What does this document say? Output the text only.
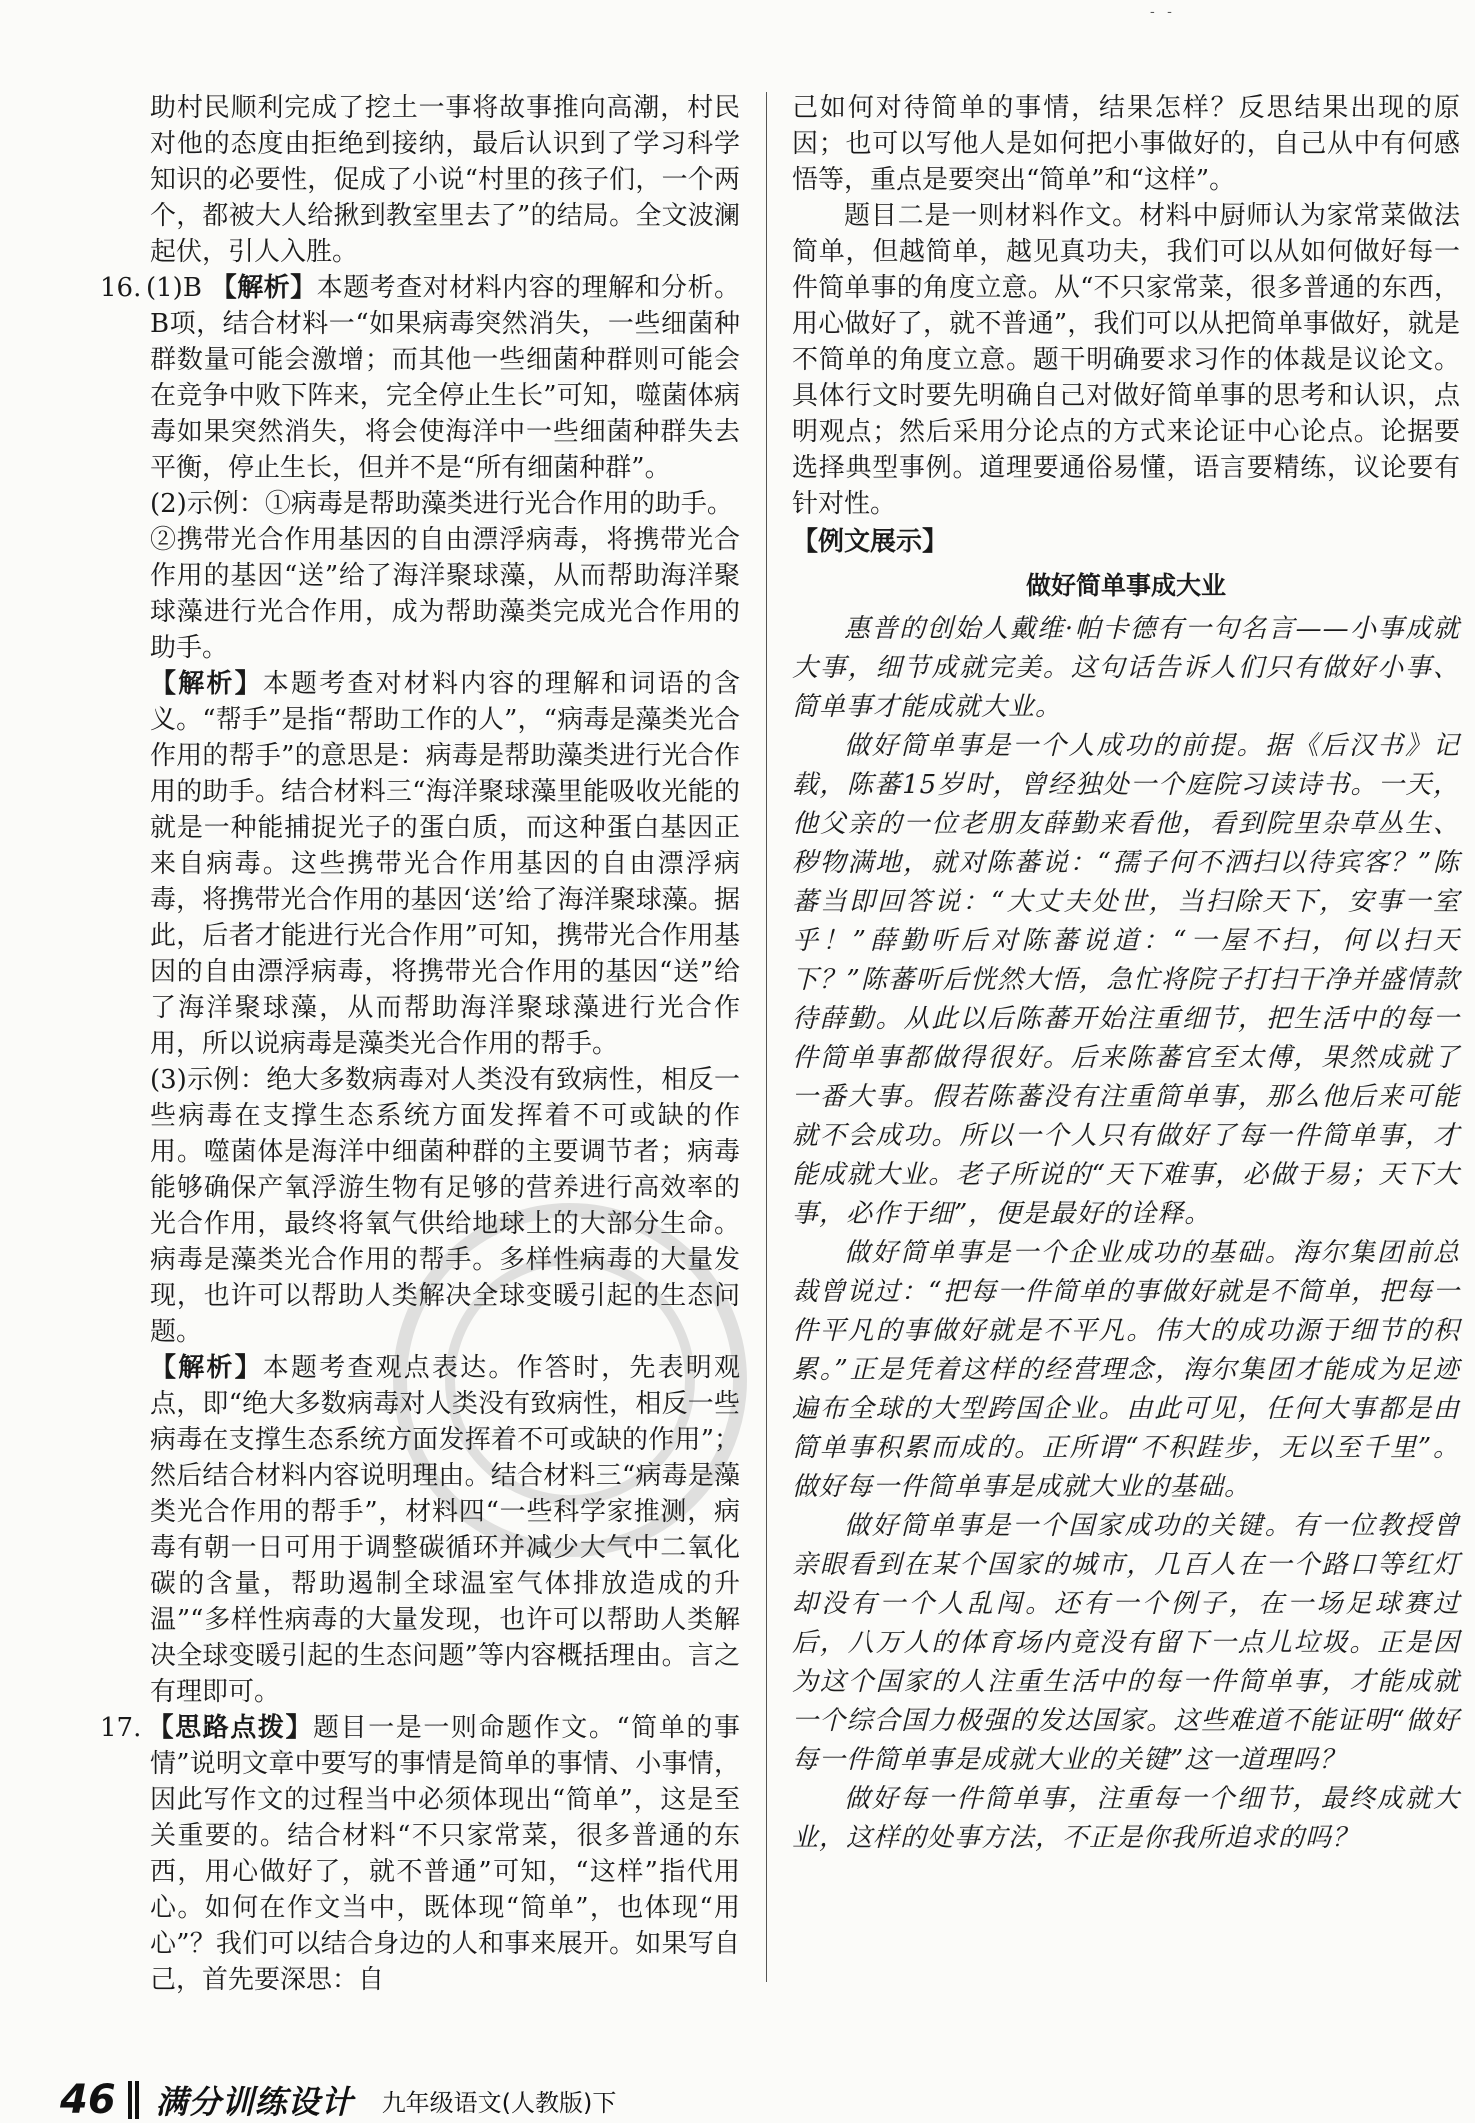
- -

助村民顺利完成了挖土一事将故事推向高潮，村民对他的态度由拒绝到接纳，最后认识到了学习科学知识的必要性，促成了小说“村里的孩子们，一个两个，都被大人给揪到教室里去了”的结局。全文波澜起伏，引人入胜。

16. (1)B 【解析】本题考查对材料内容的理解和分析。B项，结合材料一“如果病毒突然消失，一些细菌种群数量可能会激增；而其他一些细菌种群则可能会在竞争中败下阵来，完全停止生长”可知，噬菌体病毒如果突然消失，将会使海洋中一些细菌种群失去平衡，停止生长，但并不是“所有细菌种群”。

(2)示例：①病毒是帮助藻类进行光合作用的助手。

②携带光合作用基因的自由漂浮病毒，将携带光合作用的基因“送”给了海洋聚球藻，从而帮助海洋聚球藻进行光合作用，成为帮助藻类完成光合作用的助手。

【解析】本题考查对材料内容的理解和词语的含义。“帮手”是指“帮助工作的人”，“病毒是藻类光合作用的帮手”的意思是：病毒是帮助藻类进行光合作用的助手。结合材料三“海洋聚球藻里能吸收光能的就是一种能捕捉光子的蛋白质，而这种蛋白基因正来自病毒。这些携带光合作用基因的自由漂浮病毒，将携带光合作用的基因‘送’给了海洋聚球藻。据此，后者才能进行光合作用”可知，携带光合作用基因的自由漂浮病毒，将携带光合作用的基因“送”给了海洋聚球藻，从而帮助海洋聚球藻进行光合作用，所以说病毒是藻类光合作用的帮手。

(3)示例：绝大多数病毒对人类没有致病性，相反一些病毒在支撑生态系统方面发挥着不可或缺的作用。噬菌体是海洋中细菌种群的主要调节者；病毒能够确保产氧浮游生物有足够的营养进行高效率的光合作用，最终将氧气供给地球上的大部分生命。病毒是藻类光合作用的帮手。多样性病毒的大量发现，也许可以帮助人类解决全球变暖引起的生态问题。

【解析】本题考查观点表达。作答时，先表明观点，即“绝大多数病毒对人类没有致病性，相反一些病毒在支撑生态系统方面发挥着不可或缺的作用”；然后结合材料内容说明理由。结合材料三“病毒是藻类光合作用的帮手”，材料四“一些科学家推测，病毒有朝一日可用于调整碳循环并减少大气中二氧化碳的含量，帮助遏制全球温室气体排放造成的升温”“多样性病毒的大量发现，也许可以帮助人类解决全球变暖引起的生态问题”等内容概括理由。言之有理即可。

17. 【思路点拨】题目一是一则命题作文。“简单的事情”说明文章中要写的事情是简单的事情、小事情，因此写作文的过程当中必须体现出“简单”，这是至关重要的。结合材料“不只家常菜，很多普通的东西，用心做好了，就不普通”可知，“这样”指代用心。如何在作文当中，既体现“简单”，也体现“用心”？我们可以结合身边的人和事来展开。如果写自己，首先要深思：自

己如何对待简单的事情，结果怎样？反思结果出现的原因；也可以写他人是如何把小事做好的，自己从中有何感悟等，重点是要突出“简单”和“这样”。

题目二是一则材料作文。材料中厨师认为家常菜做法简单，但越简单，越见真功夫，我们可以从如何做好每一件简单事的角度立意。从“不只家常菜，很多普通的东西，用心做好了，就不普通”，我们可以从把简单事做好，就是不简单的角度立意。题干明确要求习作的体裁是议论文。具体行文时要先明确自己对做好简单事的思考和认识，点明观点；然后采用分论点的方式来论证中心论点。论据要选择典型事例。道理要通俗易懂，语言要精练，议论要有针对性。

【例文展示】

做好简单事成大业

惠普的创始人戴维·帕卡德有一句名言——小事成就大事，细节成就完美。这句话告诉人们只有做好小事、简单事才能成就大业。

做好简单事是一个人成功的前提。据《后汉书》记载，陈蕃15岁时，曾经独处一个庭院习读诗书。一天，他父亲的一位老朋友薛勤来看他，看到院里杂草丛生、秽物满地，就对陈蕃说：“孺子何不洒扫以待宾客？”陈蕃当即回答说：“大丈夫处世，当扫除天下，安事一室乎！”薛勤听后对陈蕃说道：“一屋不扫，何以扫天下？”陈蕃听后恍然大悟，急忙将院子打扫干净并盛情款待薛勤。从此以后陈蕃开始注重细节，把生活中的每一件简单事都做得很好。后来陈蕃官至太傅，果然成就了一番大事。假若陈蕃没有注重简单事，那么他后来可能就不会成功。所以一个人只有做好了每一件简单事，才能成就大业。老子所说的“天下难事，必做于易；天下大事，必作于细”，便是最好的诠释。

做好简单事是一个企业成功的基础。海尔集团前总裁曾说过：“把每一件简单的事做好就是不简单，把每一件平凡的事做好就是不平凡。伟大的成功源于细节的积累。”正是凭着这样的经营理念，海尔集团才能成为足迹遍布全球的大型跨国企业。由此可见，任何大事都是由简单事积累而成的。正所谓“不积跬步，无以至千里”。做好每一件简单事是成就大业的基础。

做好简单事是一个国家成功的关键。有一位教授曾亲眼看到在某个国家的城市，几百人在一个路口等红灯却没有一个人乱闯。还有一个例子，在一场足球赛过后，八万人的体育场内竟没有留下一点儿垃圾。正是因为这个国家的人注重生活中的每一件简单事，才能成就一个综合国力极强的发达国家。这些难道不能证明“做好每一件简单事是成就大业的关键”这一道理吗？

做好每一件简单事，注重每一个细节，最终成就大业，这样的处事方法，不正是你我所追求的吗？

46 满分训练设计 九年级语文(人教版)下
